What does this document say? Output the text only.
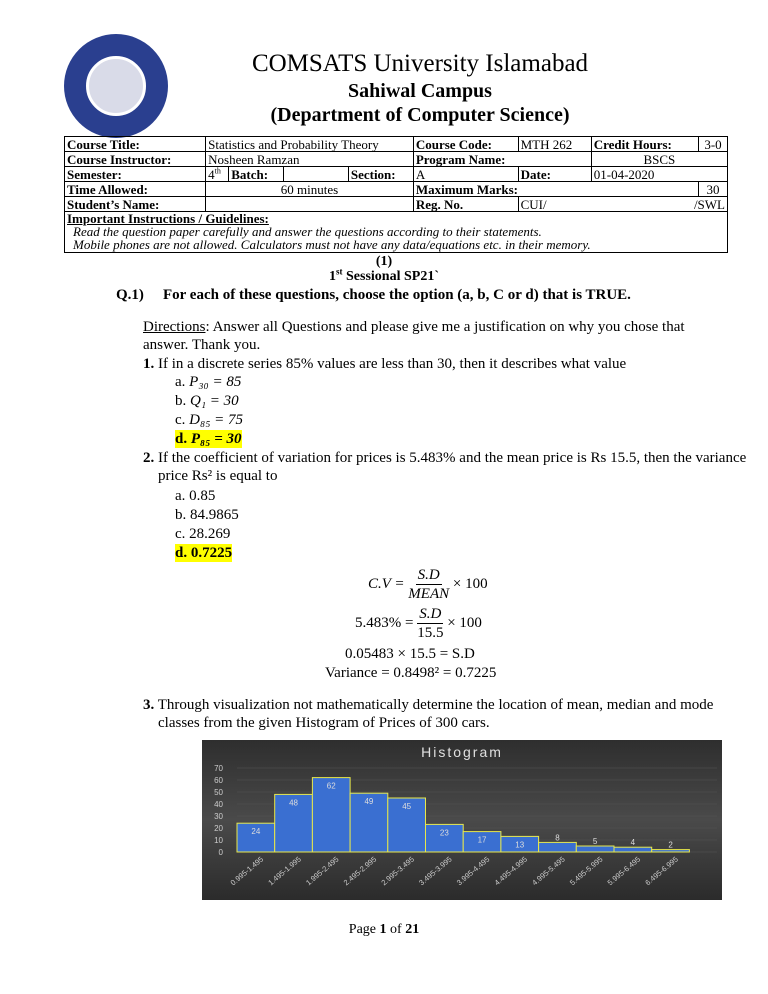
COMSATS University Islamabad
Sahiwal Campus
(Department of Computer Science)
Course Title:	Statistics and Probability Theory				Course Code:	MTH 262	Credit Hours:	3-0
Course Instructor:	Nosheen Ramzan				Program Name:		BSCS	
Semester:	4th	Batch:		Section:	A	Date:	01-04-2020	
Time Allowed:	60 minutes				Maximum Marks:			30
Student’s Name:					Reg. No.	CUI/ /SWL		

Important Instructions / Guidelines:
Read the question paper carefully and answer the questions according to their statements.
Mobile phones are not allowed. Calculators must not have any data/equations etc. in their memory.								
(1)
1st Sessional SP21`
Q.1) For each of these questions, choose the option (a, b, C or d) that is TRUE.
Directions: Answer all Questions and please give me a justification on why you chose that answer. Thank you.
1. If in a discrete series 85% values are less than 30, then it describes what value
a. P₃₀ = 85
b. Q₁ = 30
c. D₈₅ = 75
d. P₈₅ = 30
2. If the coefficient of variation for prices is 5.483% and the mean price is Rs 15.5, then the variance price Rs² is equal to
a. 0.85
b. 84.9865
c. 28.269
d. 0.7225
$C.V = \frac{S.D}{\text{MEAN}} \times 100$
$5.483\% = \frac{S.D}{15.5} \times 100$
0.05483 × 15.5 = S.D
Variance = 0.8498² = 0.7225
3. Through visualization not mathematically determine the location of mean, median and mode classes from the given Histogram of Prices of 300 cars.
Histogram
0
10
20
30
40
50
60
70
24
0.995-1.495
48
1.495-1.995
62
1.995-2.495
49
2.495-2.995
45
2.995-3.495
23
3.495-3.995
17
3.995-4.495
13
4.495-4.995
8
4.995-5.495
5
5.495-5.995
4
5.995-6.495
2
6.495-6.995
Page 1 of 21
